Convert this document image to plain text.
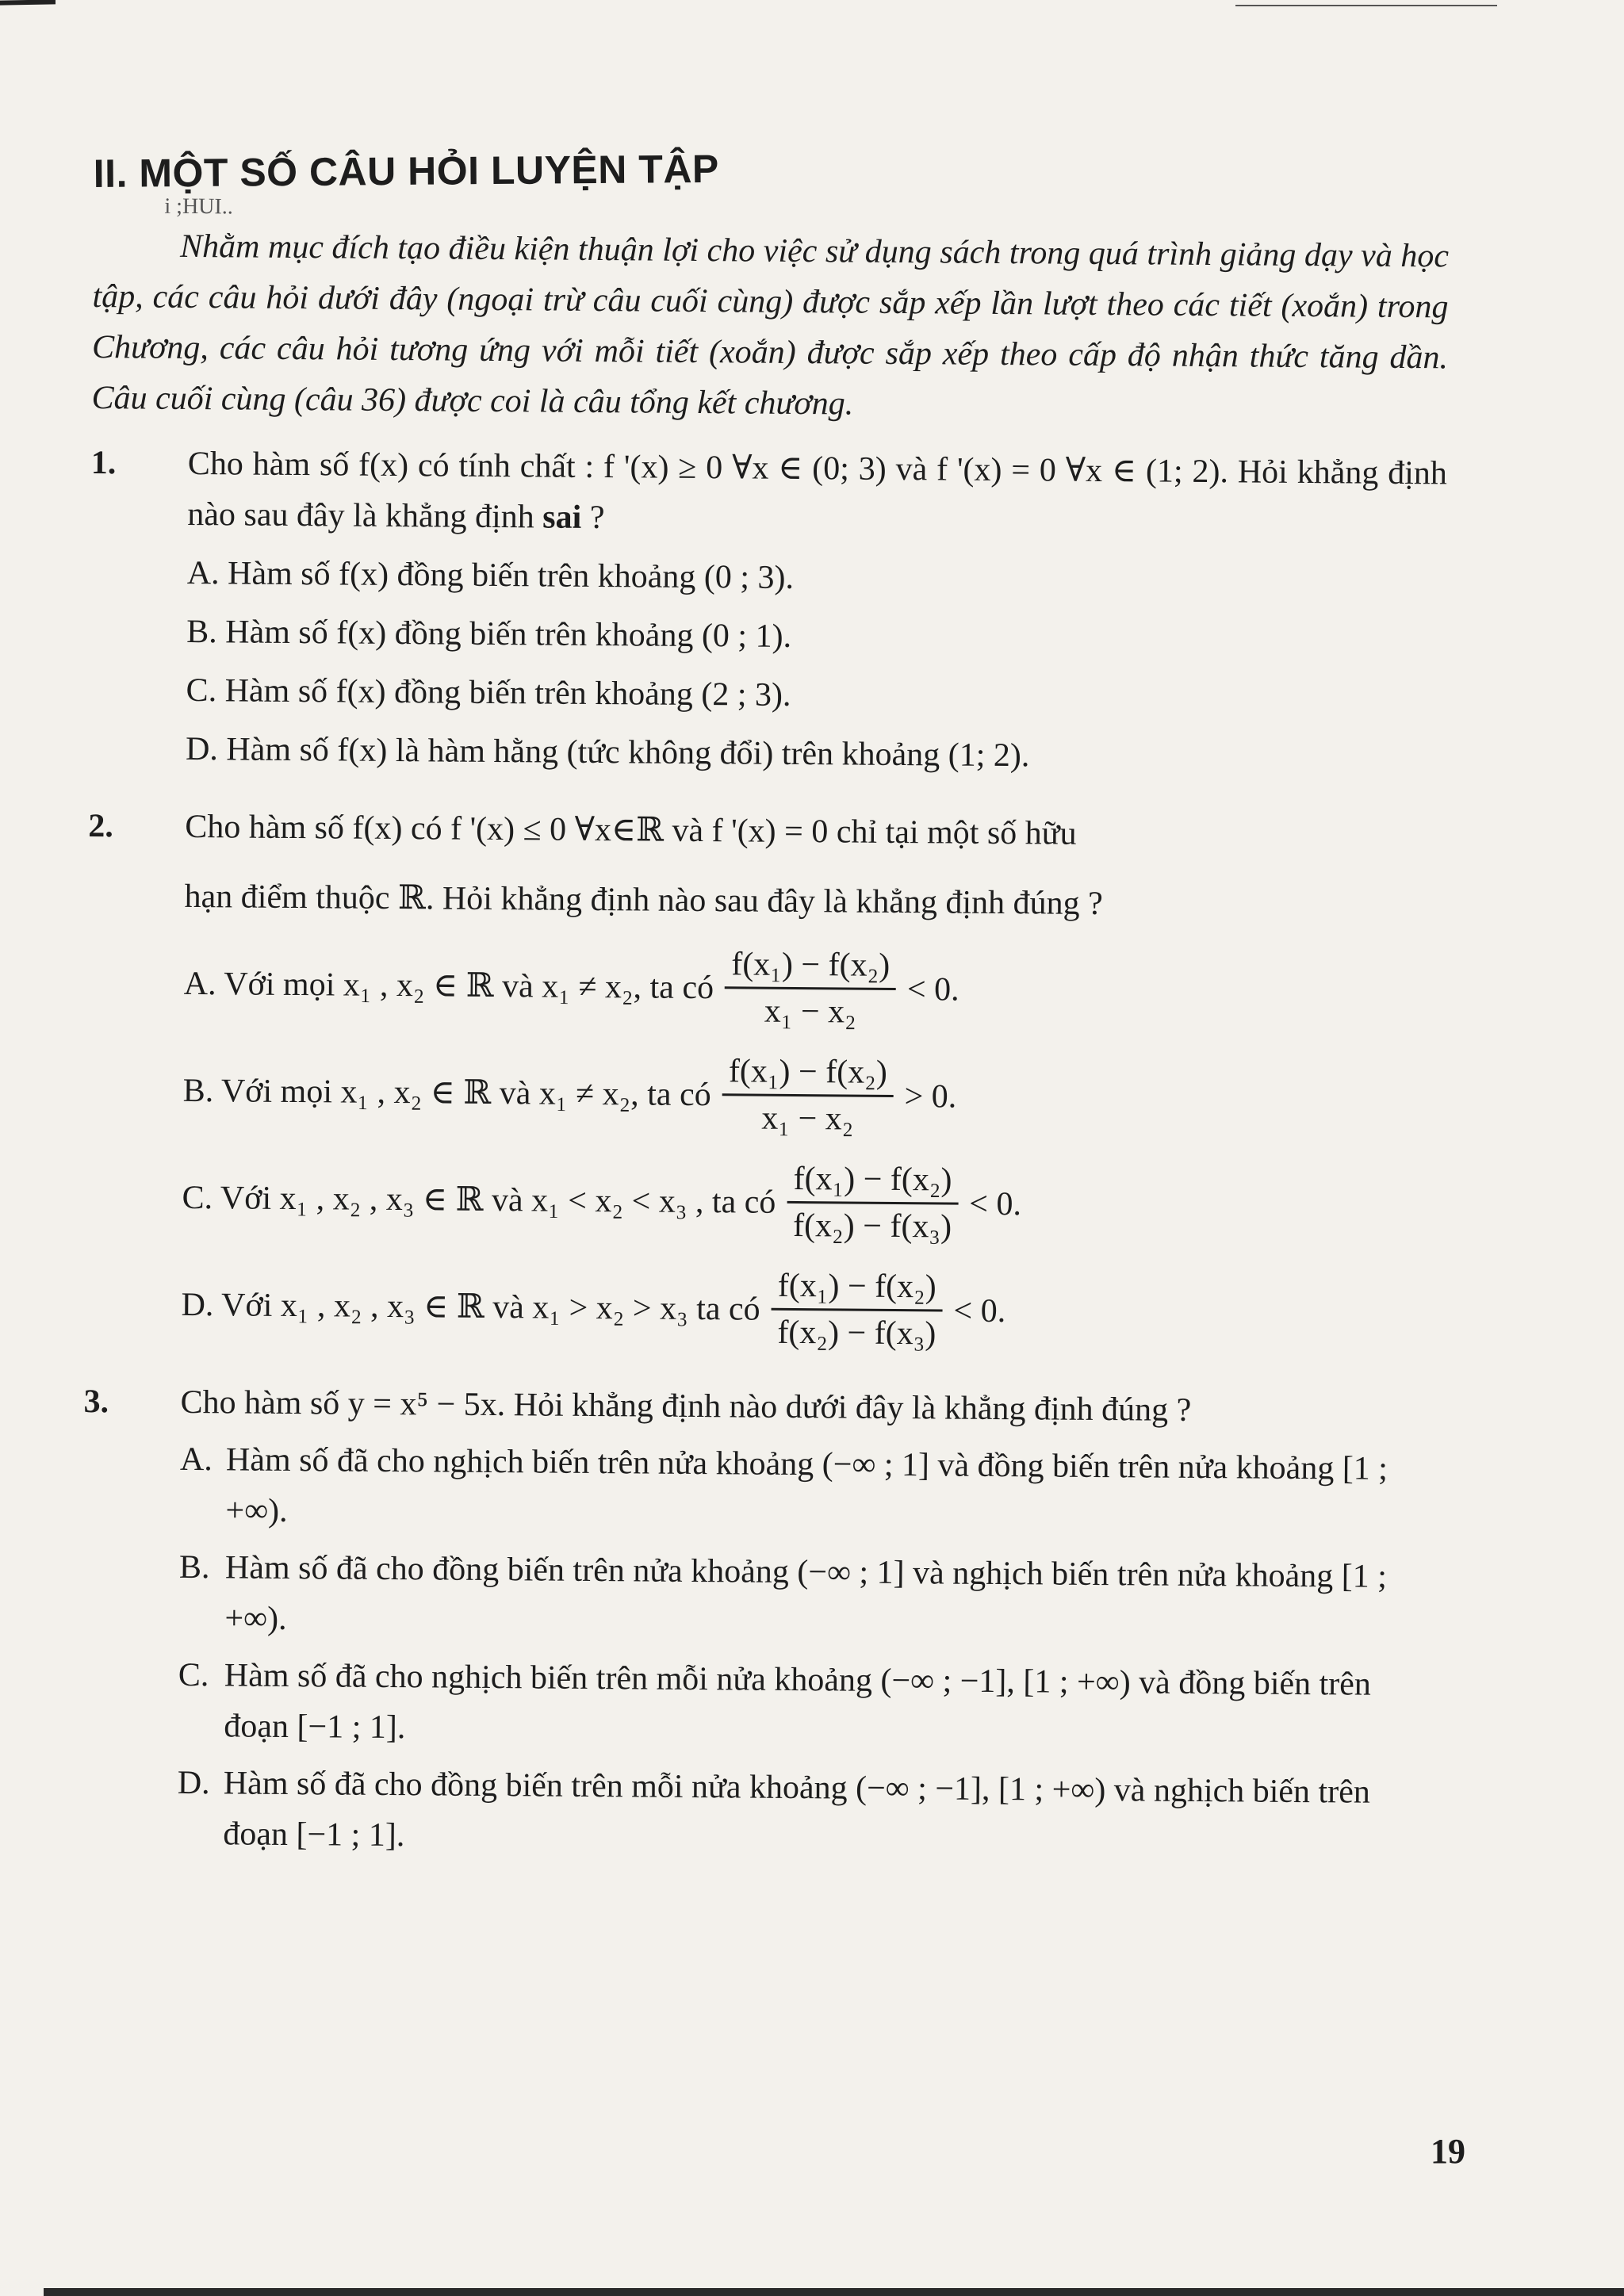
II. MỘT SỐ CÂU HỎI LUYỆN TẬP
i ;HUI..

Nhằm mục đích tạo điều kiện thuận lợi cho việc sử dụng sách trong quá trình giảng dạy và học tập, các câu hỏi dưới đây (ngoại trừ câu cuối cùng) được sắp xếp lần lượt theo các tiết (xoắn) trong Chương, các câu hỏi tương ứng với mỗi tiết (xoắn) được sắp xếp theo cấp độ nhận thức tăng dần. Câu cuối cùng (câu 36) được coi là câu tổng kết chương.

1. Cho hàm số f(x) có tính chất : f '(x) ≥ 0 ∀x ∈ (0; 3) và f '(x) = 0 ∀x ∈ (1; 2). Hỏi khẳng định nào sau đây là khẳng định sai ?
A. Hàm số f(x) đồng biến trên khoảng (0 ; 3).
B. Hàm số f(x) đồng biến trên khoảng (0 ; 1).
C. Hàm số f(x) đồng biến trên khoảng (2 ; 3).
D. Hàm số f(x) là hàm hằng (tức không đổi) trên khoảng (1; 2).
2. Cho hàm số f(x) có f '(x) ≤ 0 ∀x∈ℝ và f '(x) = 0 chỉ tại một số hữu
hạn điểm thuộc ℝ. Hỏi khẳng định nào sau đây là khẳng định đúng ?
A. Với mọi x₁ , x₂ ∈ ℝ và x₁ ≠ x₂, ta có $\frac{\text{f(x₁) − f(x₂)}}{\text{x₁ − x₂}} < 0$.
B. Với mọi x₁ , x₂ ∈ ℝ và x₁ ≠ x₂, ta có $\frac{\text{f(x₁) − f(x₂)}}{\text{x₁ − x₂}} > 0$.
C. Với x₁ , x₂ , x₃ ∈ ℝ và x₁ < x₂ < x₃ , ta có $\frac{\text{f(x₁) − f(x₂)}}{\text{f(x₂) − f(x₃)}} < 0$.
D. Với x₁ , x₂ , x₃ ∈ ℝ và x₁ > x₂ > x₃ ta có $\frac{\text{f(x₁) − f(x₂)}}{\text{f(x₂) − f(x₃)}} < 0$.
3. Cho hàm số y = x⁵ − 5x. Hỏi khẳng định nào dưới đây là khẳng định đúng ?
A. Hàm số đã cho nghịch biến trên nửa khoảng (−∞ ; 1] và đồng biến trên nửa khoảng [1 ; +∞).
B. Hàm số đã cho đồng biến trên nửa khoảng (−∞ ; 1] và nghịch biến trên nửa khoảng [1 ; +∞).
C. Hàm số đã cho nghịch biến trên mỗi nửa khoảng (−∞ ; −1], [1 ; +∞) và đồng biến trên đoạn [−1 ; 1].
D. Hàm số đã cho đồng biến trên mỗi nửa khoảng (−∞ ; −1], [1 ; +∞) và nghịch biến trên đoạn [−1 ; 1].
19
